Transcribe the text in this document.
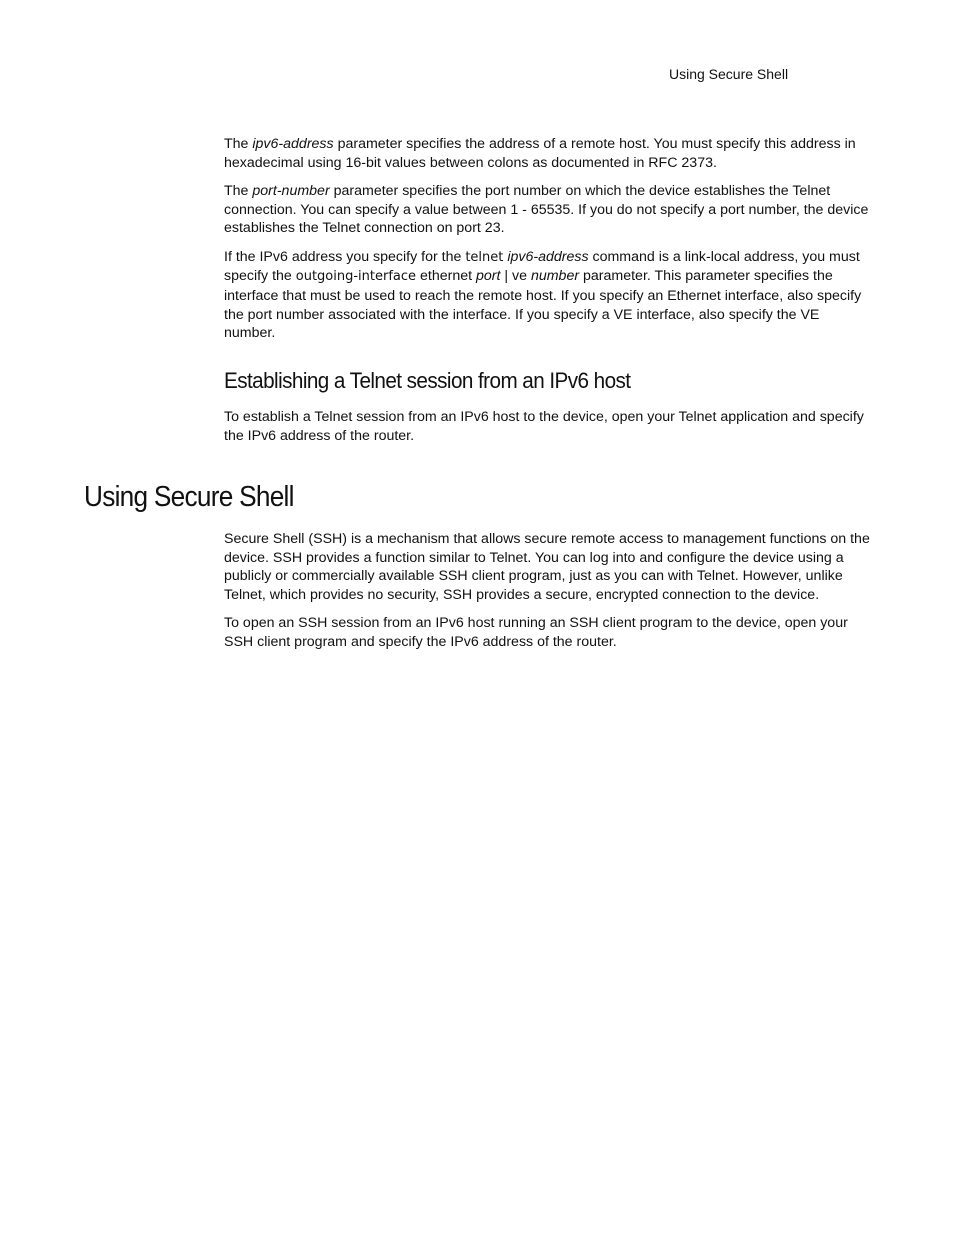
Using Secure Shell

The ipv6-address parameter specifies the address of a remote host. You must specify this address in hexadecimal using 16-bit values between colons as documented in RFC 2373.

The port-number parameter specifies the port number on which the device establishes the Telnet connection. You can specify a value between 1 - 65535. If you do not specify a port number, the device establishes the Telnet connection on port 23.

If the IPv6 address you specify for the telnet ipv6-address command is a link-local address, you must specify the outgoing-interface ethernet port | ve number parameter. This parameter specifies the interface that must be used to reach the remote host. If you specify an Ethernet interface, also specify the port number associated with the interface. If you specify a VE interface, also specify the VE number.

Establishing a Telnet session from an IPv6 host

To establish a Telnet session from an IPv6 host to the device, open your Telnet application and specify the IPv6 address of the router.

Using Secure Shell

Secure Shell (SSH) is a mechanism that allows secure remote access to management functions on the device. SSH provides a function similar to Telnet. You can log into and configure the device using a publicly or commercially available SSH client program, just as you can with Telnet. However, unlike Telnet, which provides no security, SSH provides a secure, encrypted connection to the device.

To open an SSH session from an IPv6 host running an SSH client program to the device, open your SSH client program and specify the IPv6 address of the router.
